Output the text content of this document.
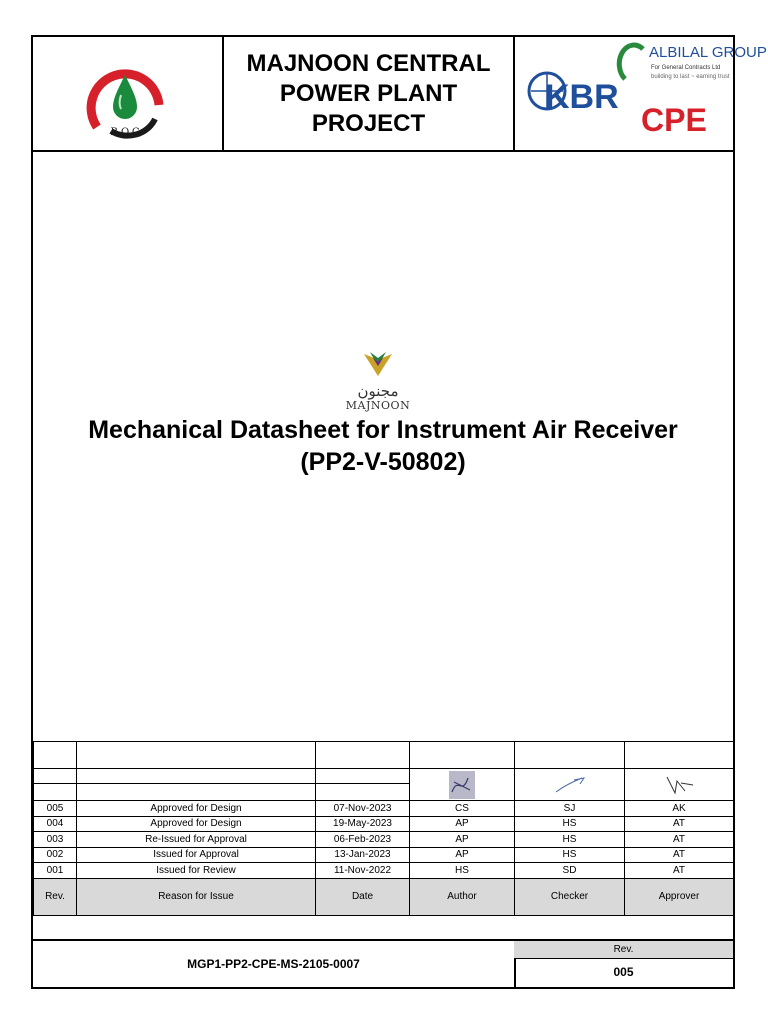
شركة نفط البصرة
B.O.C
MAJNOON CENTRAL
POWER PLANT
PROJECT
KBR
ALBILAL GROUP
For General Contracts Ltd
building to last ~ earning trust
CPE
مجنون
MAJNOON
Mechanical Datasheet for Instrument Air Receiver
(PP2-V-50802)

005	Approved for Design	07-Nov-2023	CS	SJ	AK
004	Approved for Design	19-May-2023	AP	HS	AT
003	Re-Issued for Approval	06-Feb-2023	AP	HS	AT
002	Issued for Approval	13-Jan-2023	AP	HS	AT
001	Issued for Review	11-Nov-2022	HS	SD	AT
Rev.	Reason for Issue	Date	Author	Checker	Approver
MGP1-PP2-CPE-MS-2105-0007
Rev.
005
